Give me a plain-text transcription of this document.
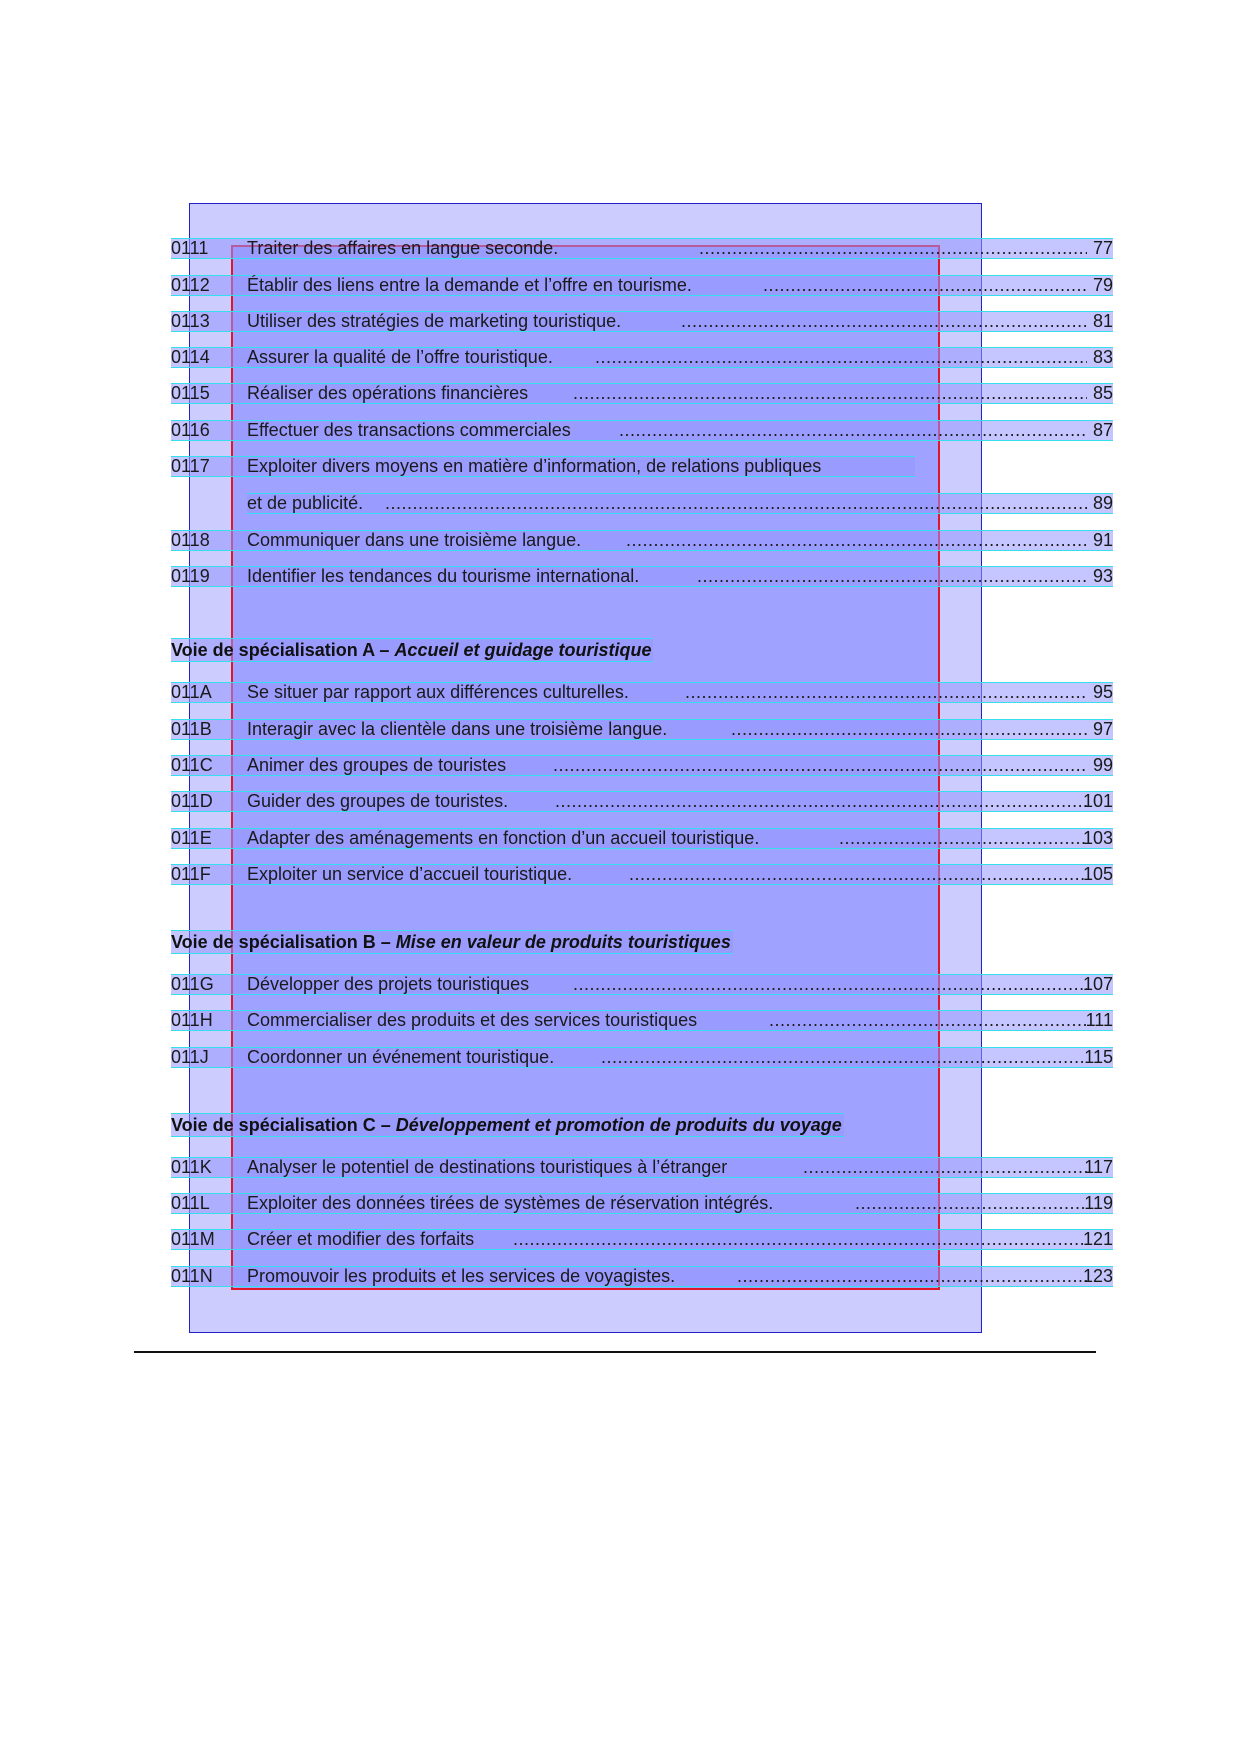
0111 Traiter des affaires en langue seconde. .....	77
0112 Établir des liens entre la demande et l’offre en tourisme. .....	79
0113 Utiliser des stratégies de marketing touristique. .....	81
0114 Assurer la qualité de l’offre touristique. .....	83
0115 Réaliser des opérations financières .....	85
0116 Effectuer des transactions commerciales .....	87
0117 Exploiter divers moyens en matière d’information, de relations publiques
et de publicité. .....	89
0118 Communiquer dans une troisième langue. .....	91
0119 Identifier les tendances du tourisme international. .....	93
Voie de spécialisation A – Accueil et guidage touristique
011A Se situer par rapport aux différences culturelles. .....	95
011B Interagir avec la clientèle dans une troisième langue. .....	97
011C Animer des groupes de touristes .....	99
011D Guider des groupes de touristes. .....	101
011E Adapter des aménagements en fonction d’un accueil touristique. .....	103
011F Exploiter un service d’accueil touristique. .....	105
Voie de spécialisation B – Mise en valeur de produits touristiques
011G Développer des projets touristiques .....	107
011H Commercialiser des produits et des services touristiques .....	111
011J Coordonner un événement touristique. .....	115
Voie de spécialisation C – Développement et promotion de produits du voyage
011K Analyser le potentiel de destinations touristiques à l’étranger .....	117
011L Exploiter des données tirées de systèmes de réservation intégrés. .....	119
011M Créer et modifier des forfaits .....	121
011N Promouvoir les produits et les services de voyagistes. .....	123
